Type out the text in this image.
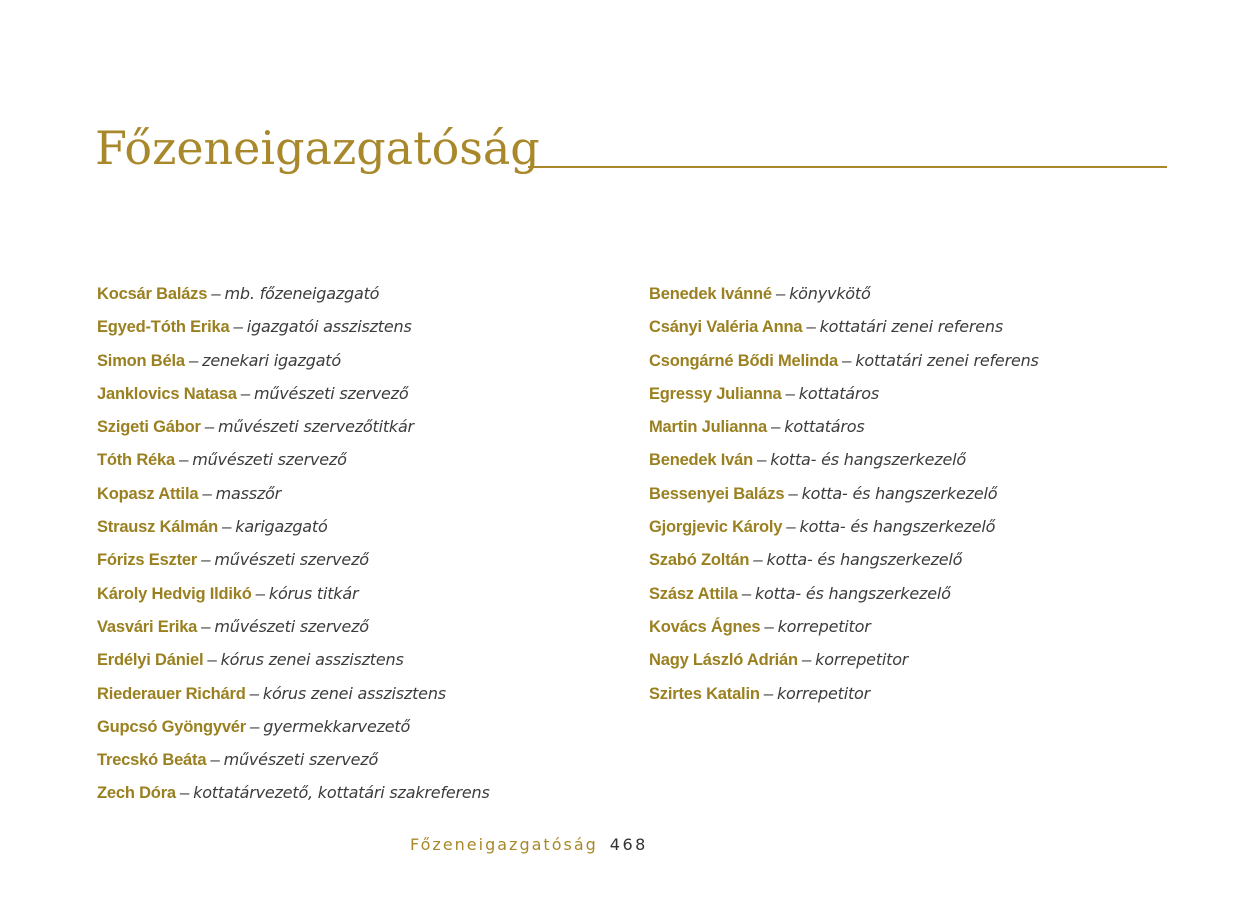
Főzeneigazgatóság
Kocsár Balázs – mb. főzeneigazgató
Egyed-Tóth Erika – igazgatói asszisztens
Simon Béla – zenekari igazgató
Janklovics Natasa – művészeti szervező
Szigeti Gábor – művészeti szervezőtitkár
Tóth Réka – művészeti szervező
Kopasz Attila – masszőr
Strausz Kálmán – karigazgató
Fórizs Eszter – művészeti szervező
Károly Hedvig Ildikó – kórus titkár
Vasvári Erika – művészeti szervező
Erdélyi Dániel – kórus zenei asszisztens
Riederauer Richárd – kórus zenei asszisztens
Gupcsó Gyöngyvér – gyermekkarvezető
Trecskó Beáta – művészeti szervező
Zech Dóra – kottatárvezető, kottatári szakreferens
Benedek Ivánné – könyvkötő
Csányi Valéria Anna – kottatári zenei referens
Csongárné Bődi Melinda – kottatári zenei referens
Egressy Julianna – kottatáros
Martin Julianna – kottatáros
Benedek Iván – kotta- és hangszerkezelő
Bessenyei Balázs – kotta- és hangszerkezelő
Gjorgjevic Károly – kotta- és hangszerkezelő
Szabó Zoltán – kotta- és hangszerkezelő
Szász Attila – kotta- és hangszerkezelő
Kovács Ágnes – korrepetitor
Nagy László Adrián – korrepetitor
Szirtes Katalin – korrepetitor
Főzeneigazgatóság 468
